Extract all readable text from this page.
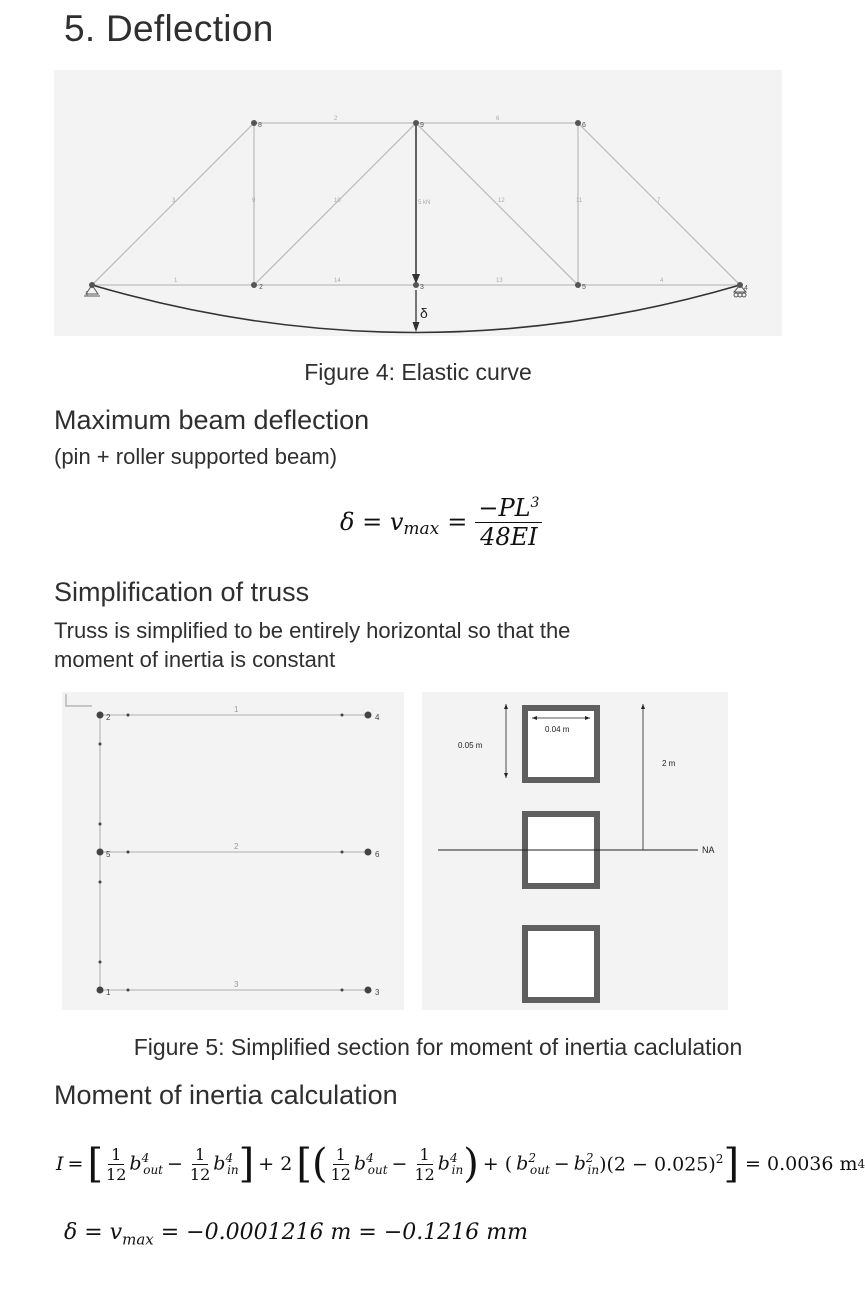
5. Deflection
δ
1
2	3	4
5
6
8	9
1
2
3
4
6
7
9	10	11
12
13
14
5 kN
Figure 4: Elastic curve
Maximum beam deflection
(pin + roller supported beam)
$\delta = v_{max} = \frac{-PL^3}{48EI}$
Simplification of truss
Truss is simplified to be entirely horizontal so that the
moment of inertia is constant
2	4
5	6
1	3
1
2
3
NA
0.04 m
0.05 m
2 m
Figure 5: Simplified section for moment of inertia caclulation
Moment of inertia calculation
I = [ $\frac{1}{12} b^4_{out} - \frac{1}{12} b^4_{in}$ ] + 2 [( $\frac{1}{12} b^4_{out} - \frac{1}{12} b^4_{in}$ ) + ( $b^2_{out} - b^2_{in}$ )$(2 - 0.025)^2$ ] = 0.0036 m 4
$\delta = v_{max} = -0.0001216$ m = −0.1216 mm
